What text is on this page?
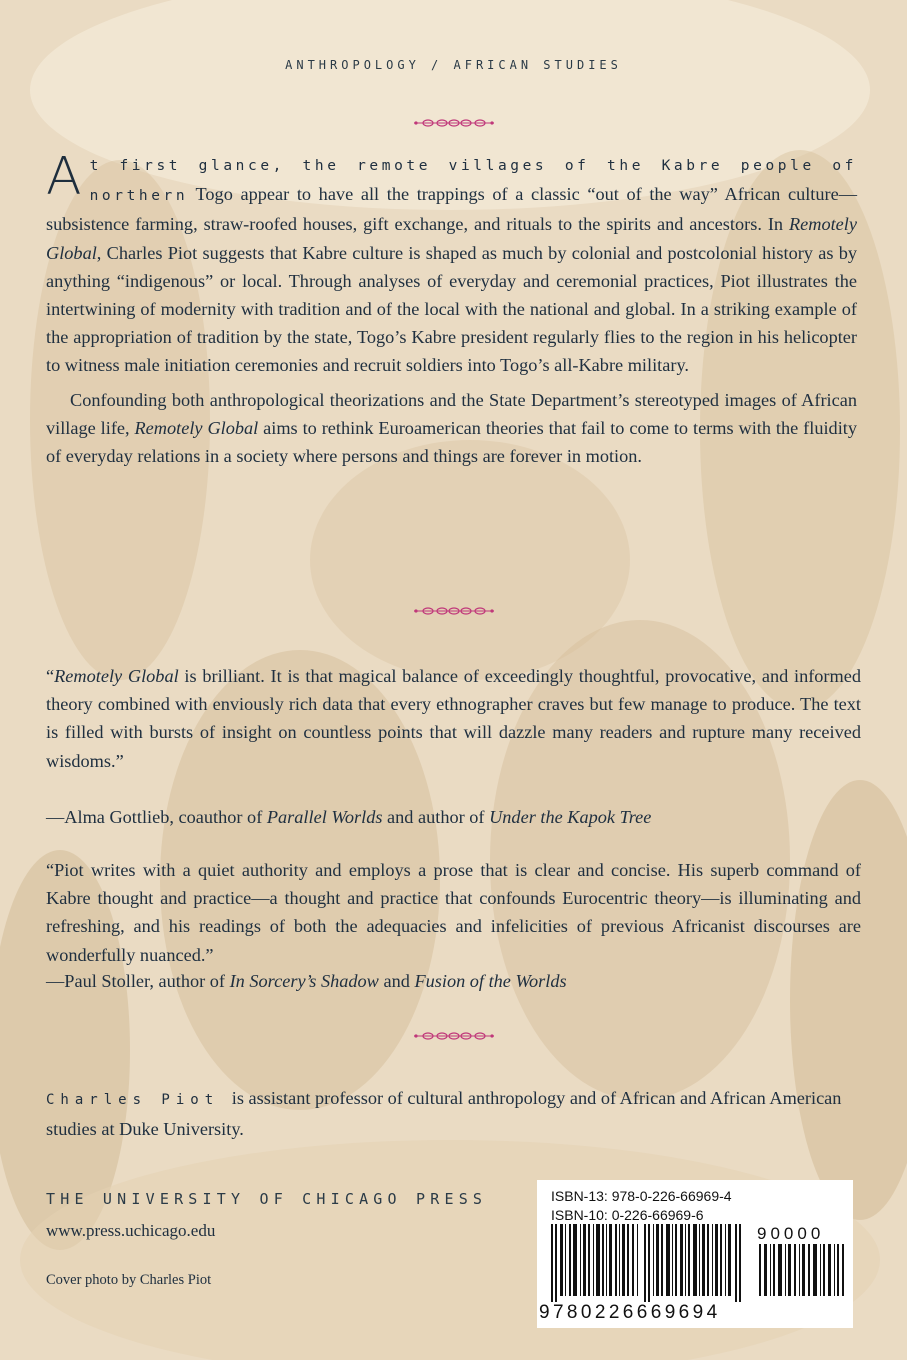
ANTHROPOLOGY / AFRICAN STUDIES

At first glance, the remote villages of the Kabre people of northern Togo appear to have all the trappings of a classic “out of the way” African culture—subsistence farming, straw-roofed houses, gift exchange, and rituals to the spirits and ancestors. In Remotely Global, Charles Piot suggests that Kabre culture is shaped as much by colonial and postcolonial history as by anything “indigenous” or local. Through analyses of everyday and ceremonial practices, Piot illustrates the intertwining of modernity with tradition and of the local with the national and global. In a striking example of the appropriation of tradition by the state, Togo’s Kabre president regularly flies to the region in his helicopter to witness male initiation ceremonies and recruit soldiers into Togo’s all-Kabre military.

Confounding both anthropological theorizations and the State Department’s stereotyped images of African village life, Remotely Global aims to rethink Euroamerican theories that fail to come to terms with the fluidity of everyday relations in a society where persons and things are forever in motion.

“Remotely Global is brilliant. It is that magical balance of exceedingly thoughtful, provocative, and informed theory combined with enviously rich data that every ethnographer craves but few manage to produce. The text is filled with bursts of insight on countless points that will dazzle many readers and rupture many received wisdoms.”

—Alma Gottlieb, coauthor of Parallel Worlds and author of Under the Kapok Tree

“Piot writes with a quiet authority and employs a prose that is clear and concise. His superb command of Kabre thought and practice—a thought and practice that confounds Eurocentric theory—is illuminating and refreshing, and his readings of both the adequacies and infelicities of previous Africanist discourses are wonderfully nuanced.”

—Paul Stoller, author of In Sorcery’s Shadow and Fusion of the Worlds
Charles Piot is assistant professor of cultural anthropology and of African and African American studies at Duke University.
THE UNIVERSITY OF CHICAGO PRESS
www.press.uchicago.edu
Cover photo by Charles Piot
ISBN-13: 978-0-226-66969-4
ISBN-10: 0-226-66969-6
90000
9780226669694
